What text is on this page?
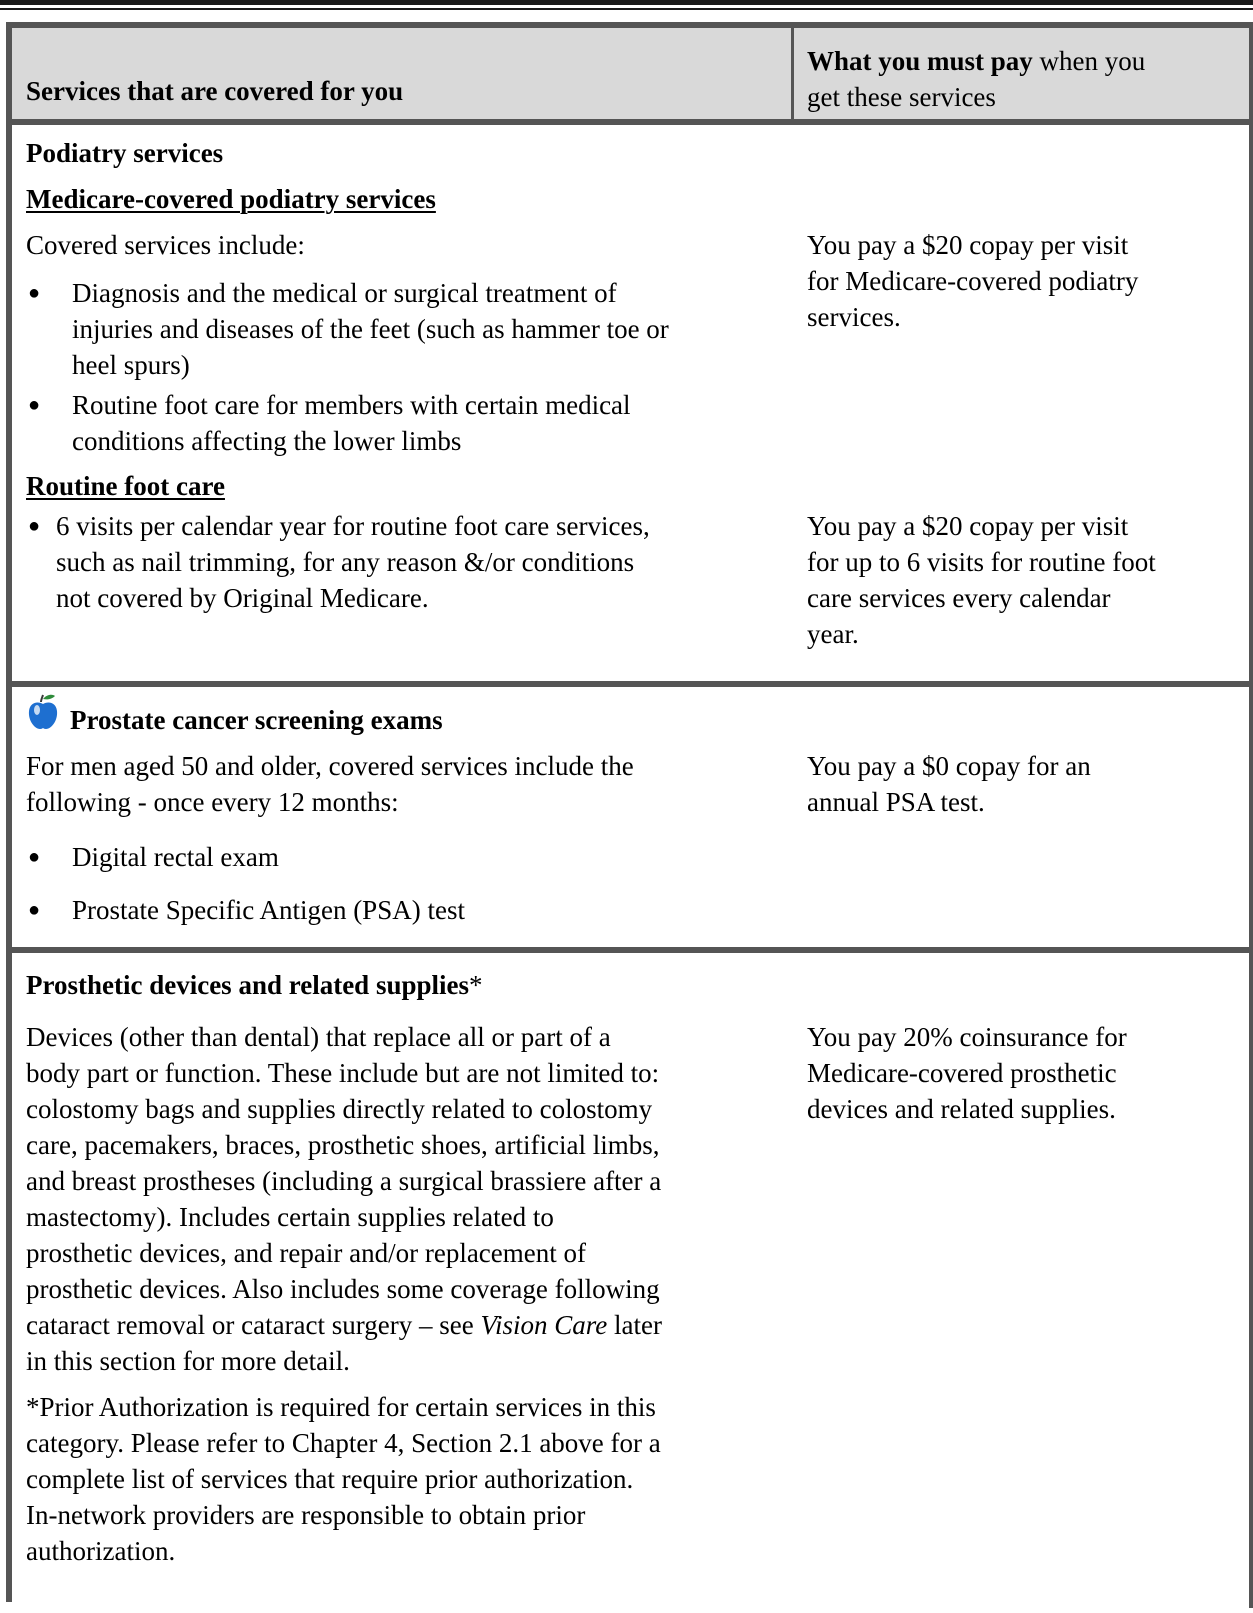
Services that are covered for you
What you must pay when you
get these services
Podiatry services
Medicare-covered podiatry services
Covered services include:
● Diagnosis and the medical or surgical treatment of
injuries and diseases of the feet (such as hammer toe or
heel spurs)
● Routine foot care for members with certain medical
conditions affecting the lower limbs
You pay a $20 copay per visit
for Medicare-covered podiatry
services.
Routine foot care
● 6 visits per calendar year for routine foot care services,
such as nail trimming, for any reason &/or conditions
not covered by Original Medicare.
You pay a $20 copay per visit
for up to 6 visits for routine foot
care services every calendar
year.
Prostate cancer screening exams
For men aged 50 and older, covered services include the
following - once every 12 months:
● Digital rectal exam
● Prostate Specific Antigen (PSA) test
You pay a $0 copay for an
annual PSA test.
Prosthetic devices and related supplies*
Devices (other than dental) that replace all or part of a
body part or function. These include but are not limited to:
colostomy bags and supplies directly related to colostomy
care, pacemakers, braces, prosthetic shoes, artificial limbs,
and breast prostheses (including a surgical brassiere after a
mastectomy). Includes certain supplies related to
prosthetic devices, and repair and/or replacement of
prosthetic devices. Also includes some coverage following
cataract removal or cataract surgery – see Vision Care later
in this section for more detail.
*Prior Authorization is required for certain services in this
category. Please refer to Chapter 4, Section 2.1 above for a
complete list of services that require prior authorization.
In-network providers are responsible to obtain prior
authorization.
You pay 20% coinsurance for
Medicare-covered prosthetic
devices and related supplies.
